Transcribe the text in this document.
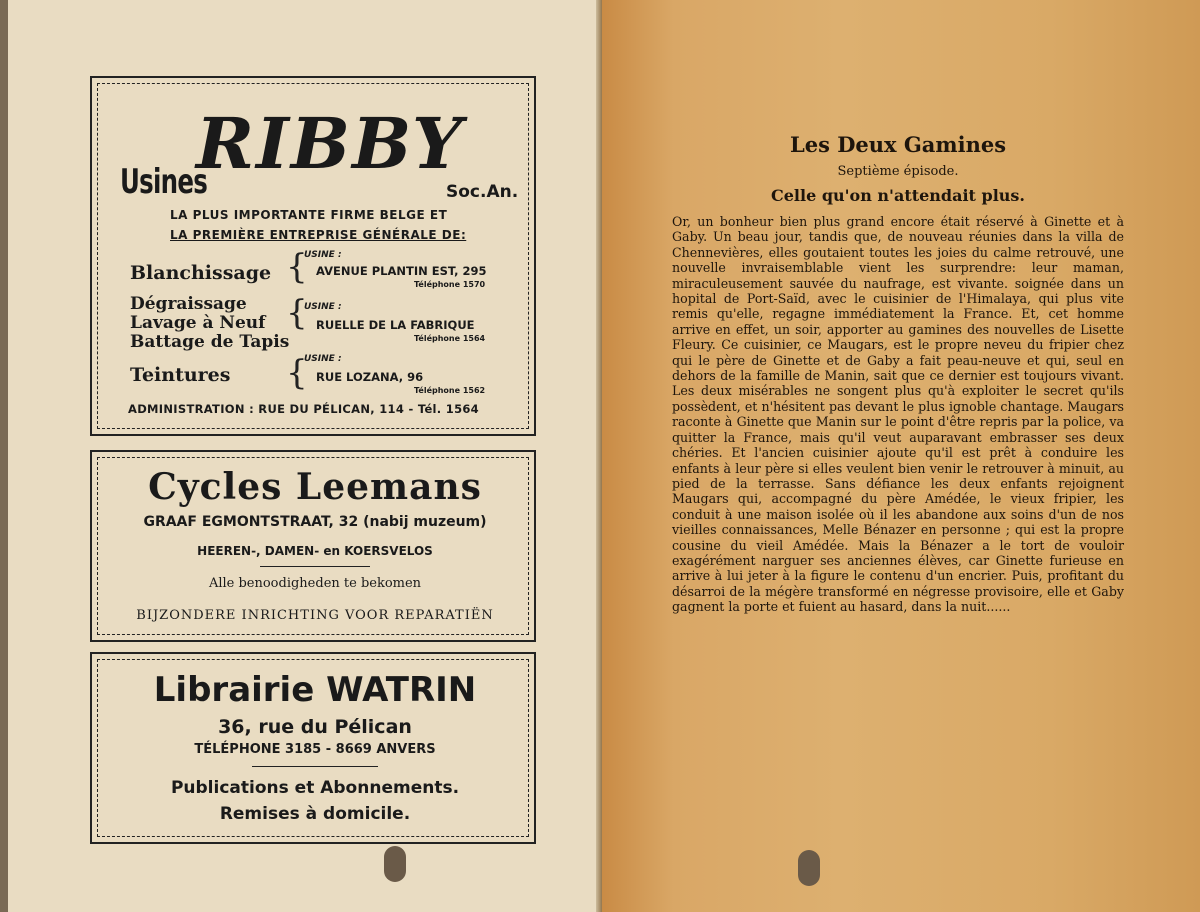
Usines
RIBBY
Soc.An.
LA PLUS IMPORTANTE FIRME BELGE ET
LA PREMIÈRE ENTREPRISE GÉNÉRALE DE:
Blanchissage
Dégraissage
Lavage à Neuf
Battage de Tapis
Teintures
{
{
{
USINE :
AVENUE PLANTIN EST, 295
Téléphone 1570
USINE :
RUELLE DE LA FABRIQUE
Téléphone 1564
USINE :
RUE LOZANA, 96
Téléphone 1562
ADMINISTRATION : RUE DU PÉLICAN, 114 - Tél. 1564
Cycles Leemans
GRAAF EGMONTSTRAAT, 32 (nabij muzeum)
HEEREN-, DAMEN- en KOERSVELOS
Alle benoodigheden te bekomen
BIJZONDERE INRICHTING VOOR REPARATIËN
Librairie WATRIN
36, rue du Pélican
TÉLÉPHONE 3185 - 8669 ANVERS
Publications et Abonnements.
Remises à domicile.

Les Deux Gamines
Septième épisode.
Celle qu'on n'attendait plus.
Or, un bonheur bien plus grand encore était réservé à Ginette et à Gaby. Un beau jour, tandis que, de nouveau réunies dans la villa de Chennevières, elles goutaient toutes les joies du calme retrouvé, une nouvelle invraisemblable vient les surprendre: leur maman, miraculeusement sauvée du naufrage, est vivante. soignée dans un hopital de Port-Saïd, avec le cuisinier de l'Himalaya, qui plus vite remis qu'elle, regagne immédiatement la France. Et, cet homme arrive en effet, un soir, apporter au gamines des nouvelles de Lisette Fleury. Ce cuisinier, ce Maugars, est le propre neveu du fripier chez qui le père de Ginette et de Gaby a fait peau-neuve et qui, seul en dehors de la famille de Manin, sait que ce dernier est toujours vivant. Les deux misérables ne songent plus qu'à exploiter le secret qu'ils possèdent, et n'hésitent pas devant le plus ignoble chantage. Maugars raconte à Ginette que Manin sur le point d'être repris par la police, va quitter la France, mais qu'il veut auparavant embrasser ses deux chéries. Et l'ancien cuisinier ajoute qu'il est prêt à conduire les enfants à leur père si elles veulent bien venir le retrouver à minuit, au pied de la terrasse. Sans défiance les deux enfants rejoignent Maugars qui, accompagné du père Amédée, le vieux fripier, les conduit à une maison isolée où il les abandone aux soins d'un de nos vieilles connaissances, Melle Bénazer en personne ; qui est la propre cousine du vieil Amédée. Mais la Bénazer a le tort de vouloir exagérément narguer ses anciennes élèves, car Ginette furieuse en arrive à lui jeter à la figure le contenu d'un encrier. Puis, profitant du désarroi de la mégère transformé en négresse provisoire, elle et Gaby gagnent la porte et fuient au hasard, dans la nuit......
